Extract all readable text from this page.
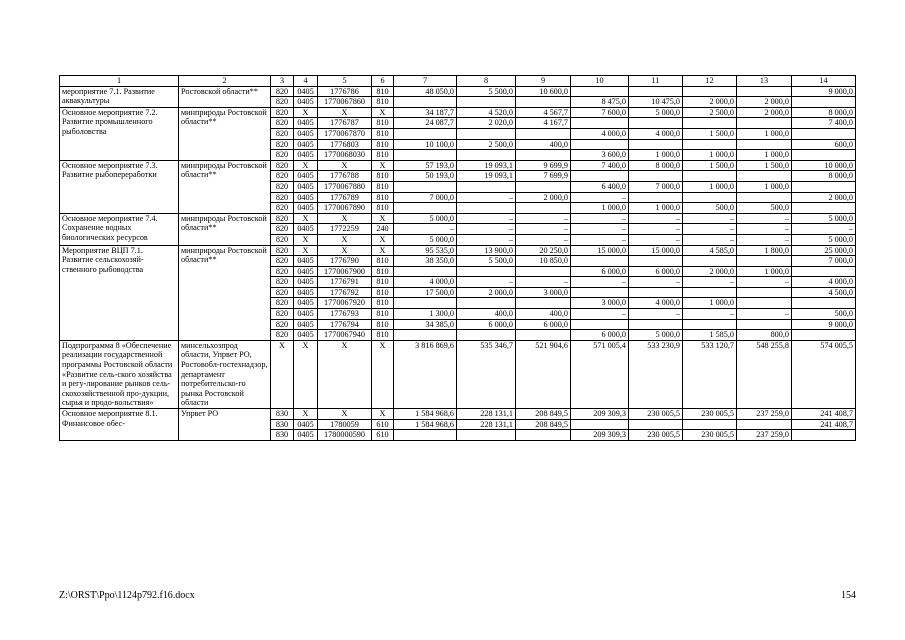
1	2	3	4	5	6	7	8	9	10	11	12	13	14
мероприятие 7.1. Развитие аквакультуры	Ростовской области**	820	0405	1776786	810	48 050,0	5 500,0	10 600,0					9 000,0
		820	0405	1770067860	810				8 475,0	10 475,0	2 000,0	2 000,0	
Основное мероприятие 7.2. Развитие промышленного рыболовства	минприроды Ростовской области**	820	Х	Х	Х	34 187,7	4 520,0	4 567,7	7 600,0	5 000,0	2 500,0	2 000,0	8 000,0
		820	0405	1776787	810	24 087,7	2 020,0	4 167,7					7 400,0
		820	0405	1770067870	810				4 000,0	4 000,0	1 500,0	1 000,0	
		820	0405	1776803	810	10 100,0	2 500,0	400,0					600,0
		820	0405	1770068030	810				3 600,0	1 000,0	1 000,0	1 000,0	
Основное мероприятие 7.3. Развитие рыбопереработки	минприроды Ростовской области**	820	Х	Х	Х	57 193,0	19 093,1	9 699,9	7 400,0	8 000,0	1 500,0	1 500,0	10 000,0
		820	0405	1776788	810	50 193,0	19 093,1	7 699,9					8 000,0
		820	0405	1770067880	810				6 400,0	7 000,0	1 000,0	1 000,0	
		820	0405	1776789	810	7 000,0	–	2 000,0	–				2 000,0
		820	0405	1770067890	810				1 000,0	1 000,0	500,0	500,0	
Основное мероприятие 7.4. Сохранение водных биологических ресурсов	минприроды Ростовской области**	820	Х	Х	Х	5 000,0	–	–	–	–	–	–	5 000,0
		820	0405	1772259	240	–	–	–	–	–	–	–	–
		820	Х	Х	Х	5 000,0	–	–	–	–	–	–	5 000,0
Мероприятие ВЦП 7.1. Развитие сельскохозяй-ственного рыбоводства	минприроды Ростовской области**	820	Х	Х	Х	95 535,0	13 900,0	20 250,0	15 000,0	15 000,0	4 585,0	1 800,0	25 000,0
		820	0405	1776790	810	38 350,0	5 500,0	10 850,0					7 000,0
		820	0405	1770067900	810				6 000,0	6 000,0	2 000,0	1 000,0	
		820	0405	1776791	810	4 000,0	–	–	–	–	–	–	4 000,0
		820	0405	1776792	810	17 500,0	2 000,0	3 000,0					4 500,0
		820	0405	1770067920	810				3 000,0	4 000,0	1 000,0		
		820	0405	1776793	810	1 300,0	400,0	400,0	–	–	–	–	500,0
		820	0405	1776794	810	34 385,0	6 000,0	6 000,0					9 000,0
		820	0405	1770067940	810				6 000,0	5 000,0	1 585,0	800,0	
Подпрограмма 8 «Обеспечение реализации государственной программы Ростовской области «Развитие сель-ского хозяйства и регу-лирование рынков сель-скохозяйственной про-дукции, сырья и продо-вольствия»	минсельхозпрод области, Упрвет РО, Ростовобл-гостехнадзор, департамент потребительско-го рынка Ростовской области	Х	Х	Х	Х	3 816 869,6	535 346,7	521 904,6	571 005,4	533 230,9	533 120,7	548 255,8	574 005,5
Основное мероприятие 8.1. Финансовое обес-	Упрвет РО	830	Х	Х	Х	1 584 968,6	228 131,1	208 849,5	209 309,3	230 005,5	230 005,5	237 259,0	241 408,7
		830	0405	1780059	610	1 584 968,6	228 131,1	208 849,5					241 408,7
		830	0405	1780000590	610				209 309,3	230 005,5	230 005,5	237 259,0	
Z:\ORST\Ppo\1124p792.f16.docx	154
